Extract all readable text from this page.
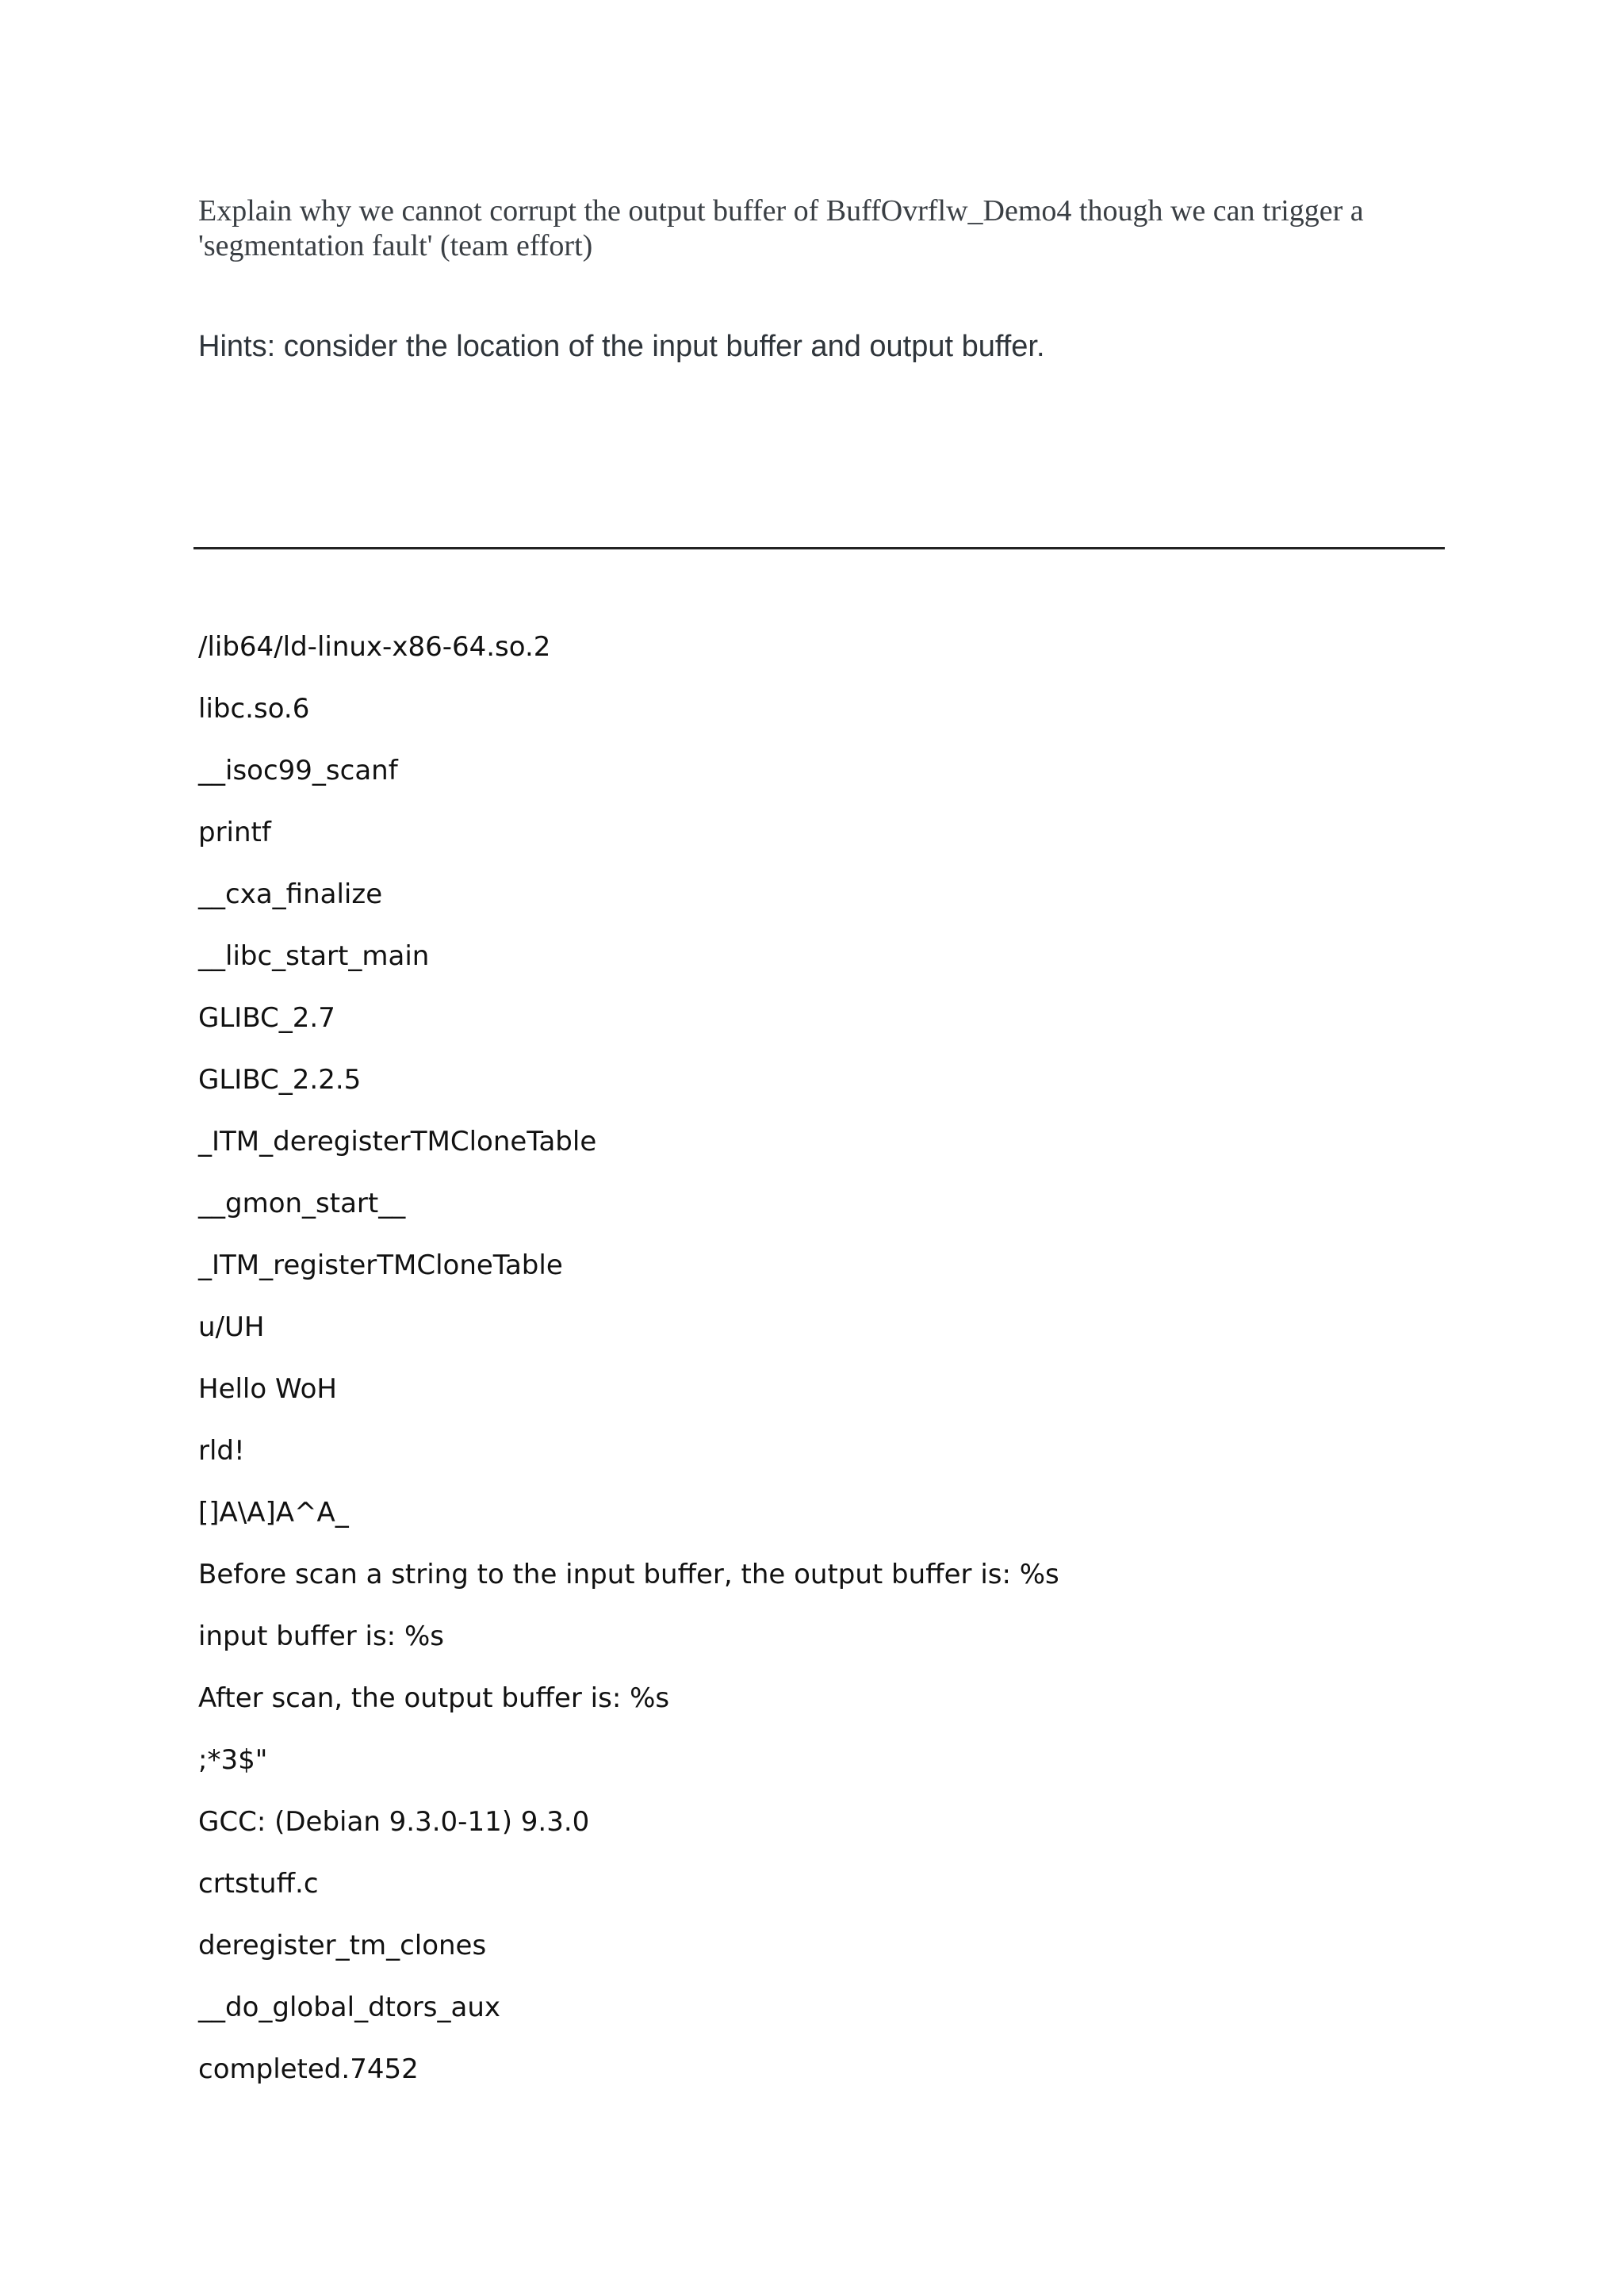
Explain why we cannot corrupt the output buffer of BuffOvrflw_Demo4 though we can trigger a 'segmentation fault' (team effort)

Hints: consider the location of the input buffer and output buffer.

/lib64/ld-linux-x86-64.so.2
libc.so.6
__isoc99_scanf
printf
__cxa_finalize
__libc_start_main
GLIBC_2.7
GLIBC_2.2.5
_ITM_deregisterTMCloneTable
__gmon_start__
_ITM_registerTMCloneTable
u/UH
Hello WoH
rld!
[]A\A]A^A_
Before scan a string to the input buffer, the output buffer is: %s
input buffer is: %s
After scan, the output buffer is: %s
;*3$"
GCC: (Debian 9.3.0-11) 9.3.0
crtstuff.c
deregister_tm_clones
__do_global_dtors_aux
completed.7452
